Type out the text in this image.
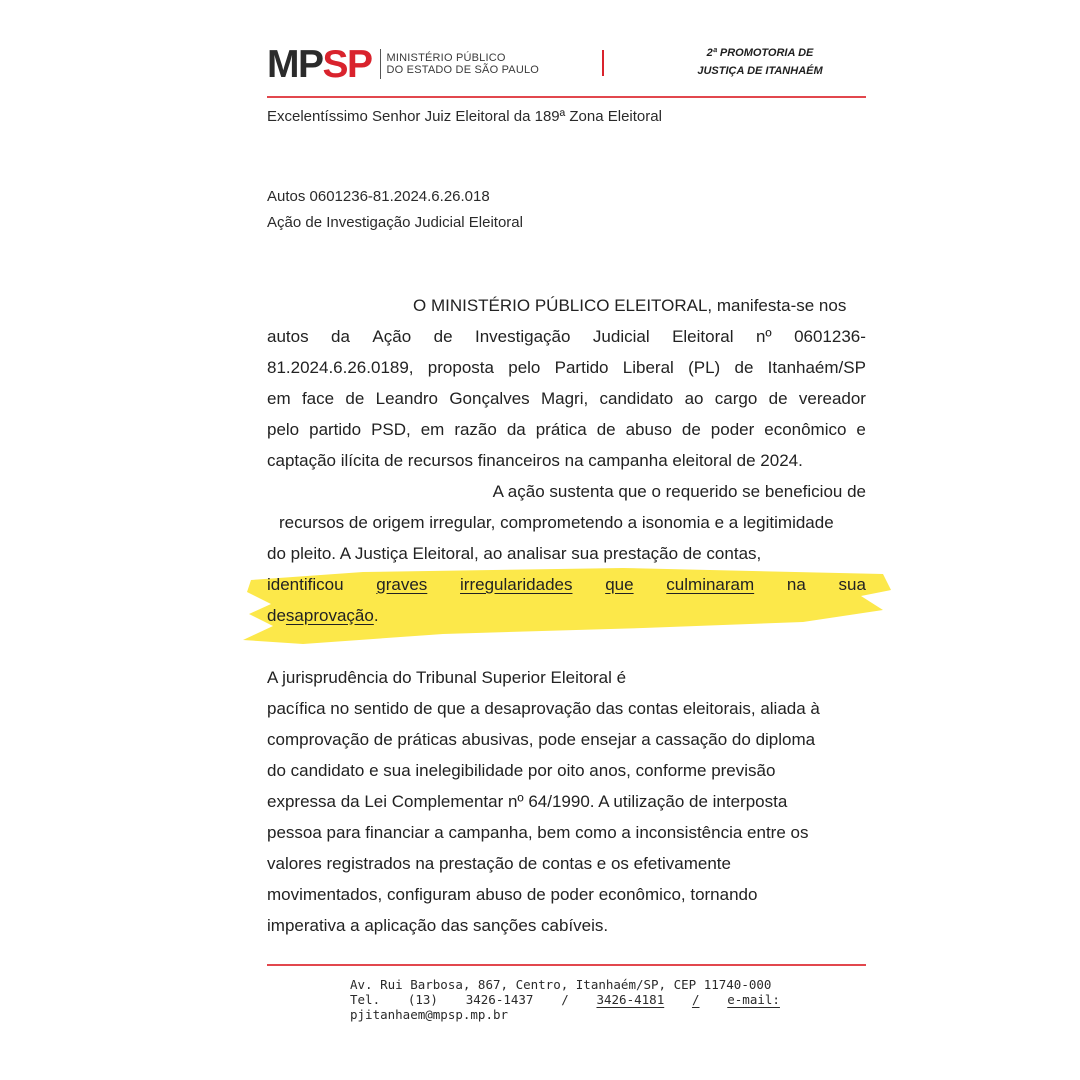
MP SP MINISTÉRIO PÚBLICO
DO ESTADO DE SÃO PAULO
2ª PROMOTORIA DE
JUSTIÇA DE ITANHAÉM
Excelentíssimo Senhor Juiz Eleitoral da 189ª Zona Eleitoral
Autos 0601236-81.2024.6.26.018
Ação de Investigação Judicial Eleitoral
O MINISTÉRIO PÚBLICO ELEITORAL, manifesta-se nos
autos da Ação de Investigação Judicial Eleitoral nº 0601236-
81.2024.6.26.0189, proposta pelo Partido Liberal (PL) de Itanhaém/SP
em face de Leandro Gonçalves Magri, candidato ao cargo de vereador
pelo partido PSD, em razão da prática de abuso de poder econômico e
captação ilícita de recursos financeiros na campanha eleitoral de 2024.
A ação sustenta que o requerido se beneficiou de
recursos de origem irregular, comprometendo a isonomia e a legitimidade
do pleito. A Justiça Eleitoral, ao analisar sua prestação de contas,
identificou graves irregularidades que culminaram na sua
desaprovação.
A jurisprudência do Tribunal Superior Eleitoral é
pacífica no sentido de que a desaprovação das contas eleitorais, aliada à
comprovação de práticas abusivas, pode ensejar a cassação do diploma
do candidato e sua inelegibilidade por oito anos, conforme previsão
expressa da Lei Complementar nº 64/1990. A utilização de interposta
pessoa para financiar a campanha, bem como a inconsistência entre os
valores registrados na prestação de contas e os efetivamente
movimentados, configuram abuso de poder econômico, tornando
imperativa a aplicação das sanções cabíveis.
Av. Rui Barbosa, 867, Centro, Itanhaém/SP, CEP 11740-000
Tel. (13) 3426-1437 / 3426-4181 / e-mail:
pjitanhaem@mpsp.mp.br
